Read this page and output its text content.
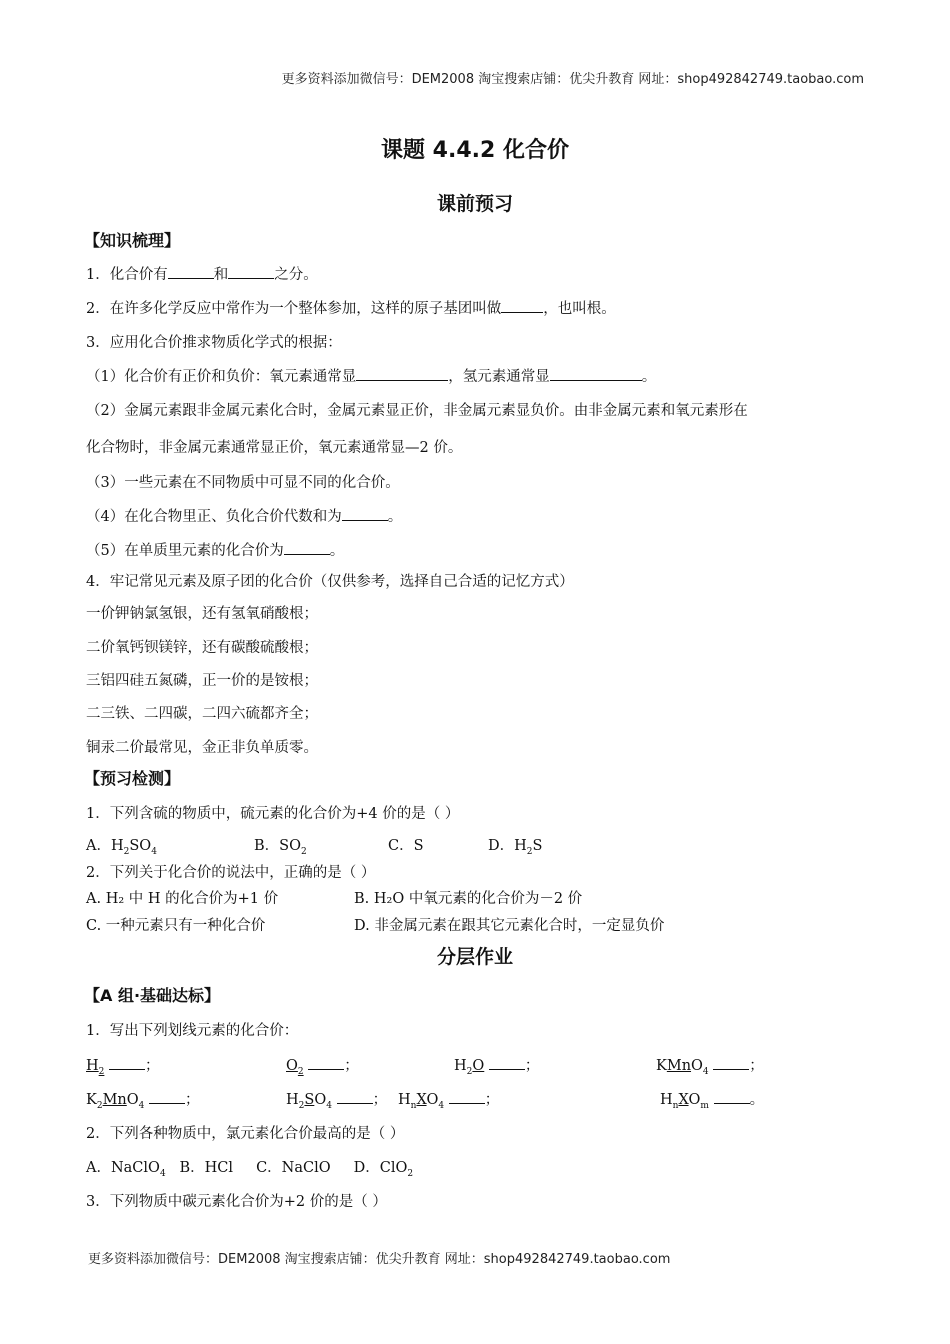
更多资料添加微信号：DEM2008 淘宝搜索店铺：优尖升教育 网址：shop492842749.taobao.com
课题 4.4.2 化合价
课前预习
【知识梳理】
1．化合价有	和	之分。
2．在许多化学反应中常作为一个整体参加，这样的原子基团叫做	，也叫根。
3．应用化合价推求物质化学式的根据：
（1）化合价有正价和负价：氧元素通常显	，氢元素通常显	。
（2）金属元素跟非金属元素化合时，金属元素显正价，非金属元素显负价。由非金属元素和氧元素形在
化合物时，非金属元素通常显正价，氧元素通常显—2 价。
（3）一些元素在不同物质中可显不同的化合价。
（4）在化合物里正、负化合价代数和为	。
（5）在单质里元素的化合价为	。
4．牢记常见元素及原子团的化合价（仅供参考，选择自己合适的记忆方式）
一价钾钠氯氢银，还有氢氧硝酸根；
二价氧钙钡镁锌，还有碳酸硫酸根；
三铝四硅五氮磷，正一价的是铵根；
二三铁、二四碳，二四六硫都齐全；
铜汞二价最常见，金正非负单质零。
【预习检测】
1．下列含硫的物质中，硫元素的化合价为+4 价的是（ ）
A．$H_2SO_4$	B．$SO_2$	C．S	D．$H_2S$
2．下列关于化合价的说法中，正确的是（ ）
A. H₂ 中 H 的化合价为+1 价	B. H₂O 中氧元素的化合价为－2 价
C. 一种元素只有一种化合价	D. 非金属元素在跟其它元素化合时，一定显负价
分层作业
【A 组·基础达标】
1．写出下列划线元素的化合价：
$H_2$	；	$O_2$	；	$H_2O$	；	KMnO$_4$	；
$K_2MnO_4$	；	$H_2SO_4$	； $H_nXO_4$	；	$H_nXO_m$	。
2．下列各种物质中，氯元素化合价最高的是（ ）
A．NaClO$_4$   B．HCl     C．NaClO     D．ClO$_2$
3．下列物质中碳元素化合价为+2 价的是（ ）
更多资料添加微信号：DEM2008 淘宝搜索店铺：优尖升教育 网址：shop492842749.taobao.com
